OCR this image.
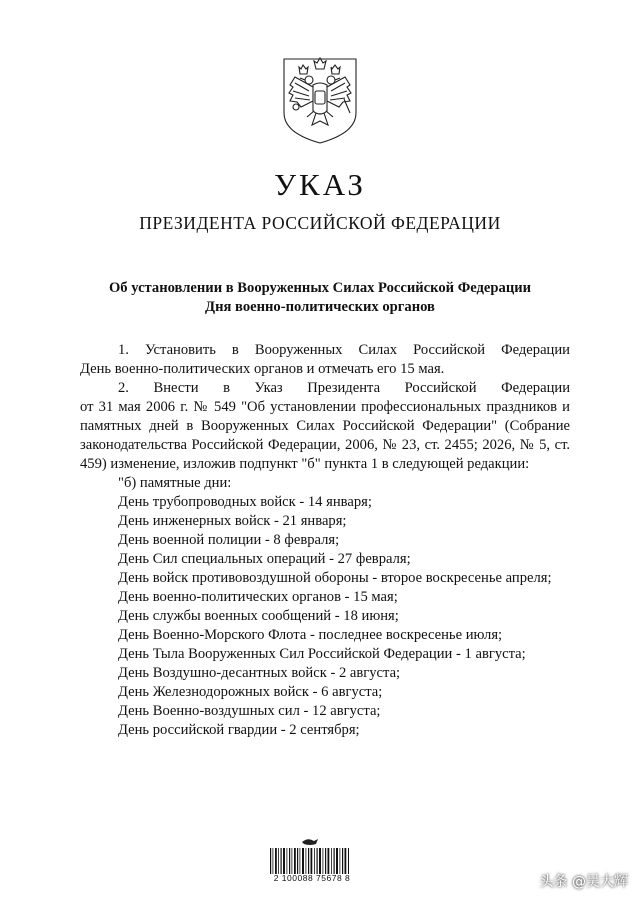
УКАЗ
ПРЕЗИДЕНТА РОССИЙСКОЙ ФЕДЕРАЦИИ
Об установлении в Вооруженных Силах Российской Федерации
Дня военно-политических органов

1. Установить в Вооруженных Силах Российской Федерации

День военно-политических органов и отмечать его 15 мая.

2. Внести в Указ Президента Российской Федерации

от 31 мая 2006 г. № 549 "Об установлении профессиональных праздников и памятных дней в Вооруженных Силах Российской Федерации" (Собрание законодательства Российской Федерации, 2006, № 23, ст. 2455; 2026, № 5, ст. 459) изменение, изложив подпункт "б" пункта 1 в следующей редакции:

"б) памятные дни:

День трубопроводных войск - 14 января;

День инженерных войск - 21 января;

День военной полиции - 8 февраля;

День Сил специальных операций - 27 февраля;

День войск противовоздушной обороны - второе воскресенье апреля;

День военно-политических органов - 15 мая;

День службы военных сообщений - 18 июня;

День Военно-Морского Флота - последнее воскресенье июля;

День Тыла Вооруженных Сил Российской Федерации - 1 августа;

День Воздушно-десантных войск - 2 августа;

День Железнодорожных войск - 6 августа;

День Военно-воздушных сил - 12 августа;

День российской гвардии - 2 сентября;

2 100088 75678 8	头条 @吴大辉
